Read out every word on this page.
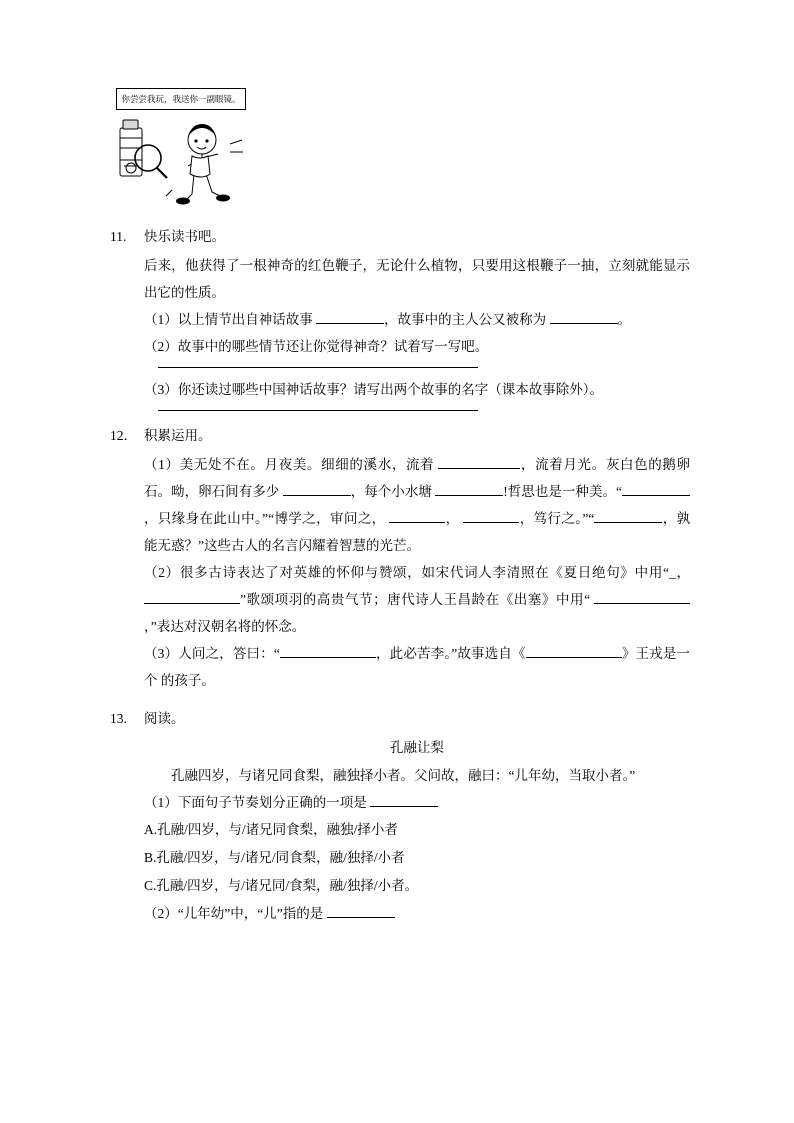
你尝尝我玩，我送你一副眼镜。
11.	快乐读书吧。
后来，他获得了一根神奇的红色鞭子，无论什么植物，只要用这根鞭子一抽，立刻就能显示出它的性质。
（1）以上情节出自神话故事	，故事中的主人公又被称为	。
（2）故事中的哪些情节还让你觉得神奇？试着写一写吧。
（3）你还读过哪些中国神话故事？请写出两个故事的名字（课本故事除外）。
12． 积累运用。
（1）美无处不在。月夜美。细细的溪水，流着	，流着月光。灰白色的鹅卵石。呦，卵石间有多少	，每个小水塘	!哲思也是一种美。“，只缘身在此山中。”“博学之，审问之，	，	，笃行之。”“	，孰能无惑？”这些古人的名言闪耀着智慧的光芒。
（2）很多古诗表达了对英雄的怀仰与赞颂，如宋代词人李清照在《夏日绝句》中用“_，”歌颂项羽的高贵气节；唐代诗人王昌龄在《出塞》中用“ ，”表达对汉朝名将的怀念。
（3）人问之，答曰：“	，此必苦李。”故事选自《	》王戎是一个 的孩子。
13.	阅读。
孔融让梨
孔融四岁，与诸兄同食梨，融独择小者。父问故，融曰：“儿年幼，当取小者。”
（1）下面句子节奏划分正确的一项是
A.孔融/四岁，与/诸兄同食梨，融独/择小者
B.孔融/四岁，与/诸兄/同食梨，融/独择/小者
C.孔融/四岁，与/诸兄同/食梨，融/独择/小者。
（2）“儿年幼”中，“儿”指的是
